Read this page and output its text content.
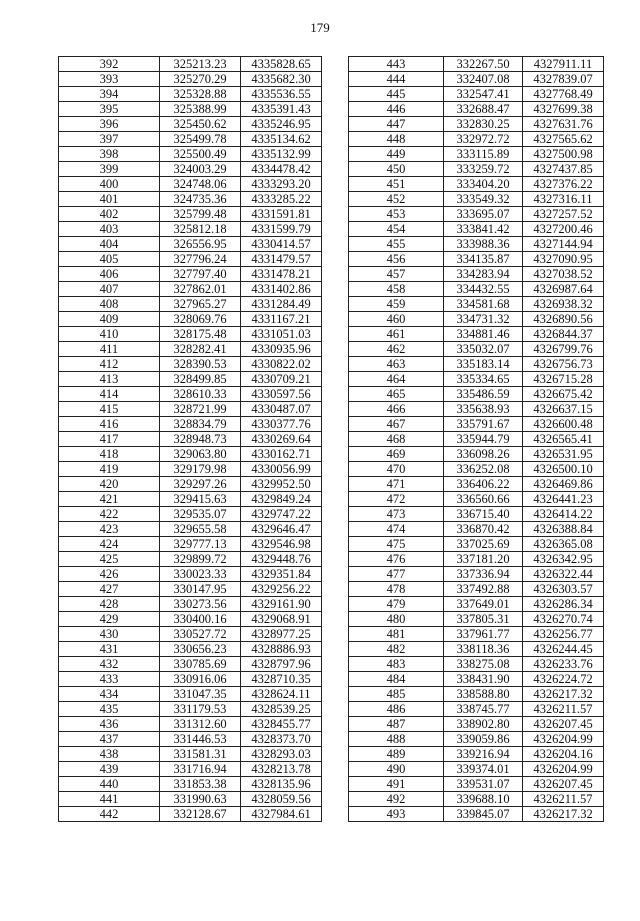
179
392	325213.23	4335828.65
393	325270.29	4335682.30
394	325328.88	4335536.55
395	325388.99	4335391.43
396	325450.62	4335246.95
397	325499.78	4335134.62
398	325500.49	4335132.99
399	324003.29	4334478.42
400	324748.06	4333293.20
401	324735.36	4333285.22
402	325799.48	4331591.81
403	325812.18	4331599.79
404	326556.95	4330414.57
405	327796.24	4331479.57
406	327797.40	4331478.21
407	327862.01	4331402.86
408	327965.27	4331284.49
409	328069.76	4331167.21
410	328175.48	4331051.03
411	328282.41	4330935.96
412	328390.53	4330822.02
413	328499.85	4330709.21
414	328610.33	4330597.56
415	328721.99	4330487.07
416	328834.79	4330377.76
417	328948.73	4330269.64
418	329063.80	4330162.71
419	329179.98	4330056.99
420	329297.26	4329952.50
421	329415.63	4329849.24
422	329535.07	4329747.22
423	329655.58	4329646.47
424	329777.13	4329546.98
425	329899.72	4329448.76
426	330023.33	4329351.84
427	330147.95	4329256.22
428	330273.56	4329161.90
429	330400.16	4329068.91
430	330527.72	4328977.25
431	330656.23	4328886.93
432	330785.69	4328797.96
433	330916.06	4328710.35
434	331047.35	4328624.11
435	331179.53	4328539.25
436	331312.60	4328455.77
437	331446.53	4328373.70
438	331581.31	4328293.03
439	331716.94	4328213.78
440	331853.38	4328135.96
441	331990.63	4328059.56
442	332128.67	4327984.61
443	332267.50	4327911.11
444	332407.08	4327839.07
445	332547.41	4327768.49
446	332688.47	4327699.38
447	332830.25	4327631.76
448	332972.72	4327565.62
449	333115.89	4327500.98
450	333259.72	4327437.85
451	333404.20	4327376.22
452	333549.32	4327316.11
453	333695.07	4327257.52
454	333841.42	4327200.46
455	333988.36	4327144.94
456	334135.87	4327090.95
457	334283.94	4327038.52
458	334432.55	4326987.64
459	334581.68	4326938.32
460	334731.32	4326890.56
461	334881.46	4326844.37
462	335032.07	4326799.76
463	335183.14	4326756.73
464	335334.65	4326715.28
465	335486.59	4326675.42
466	335638.93	4326637.15
467	335791.67	4326600.48
468	335944.79	4326565.41
469	336098.26	4326531.95
470	336252.08	4326500.10
471	336406.22	4326469.86
472	336560.66	4326441.23
473	336715.40	4326414.22
474	336870.42	4326388.84
475	337025.69	4326365.08
476	337181.20	4326342.95
477	337336.94	4326322.44
478	337492.88	4326303.57
479	337649.01	4326286.34
480	337805.31	4326270.74
481	337961.77	4326256.77
482	338118.36	4326244.45
483	338275.08	4326233.76
484	338431.90	4326224.72
485	338588.80	4326217.32
486	338745.77	4326211.57
487	338902.80	4326207.45
488	339059.86	4326204.99
489	339216.94	4326204.16
490	339374.01	4326204.99
491	339531.07	4326207.45
492	339688.10	4326211.57
493	339845.07	4326217.32
